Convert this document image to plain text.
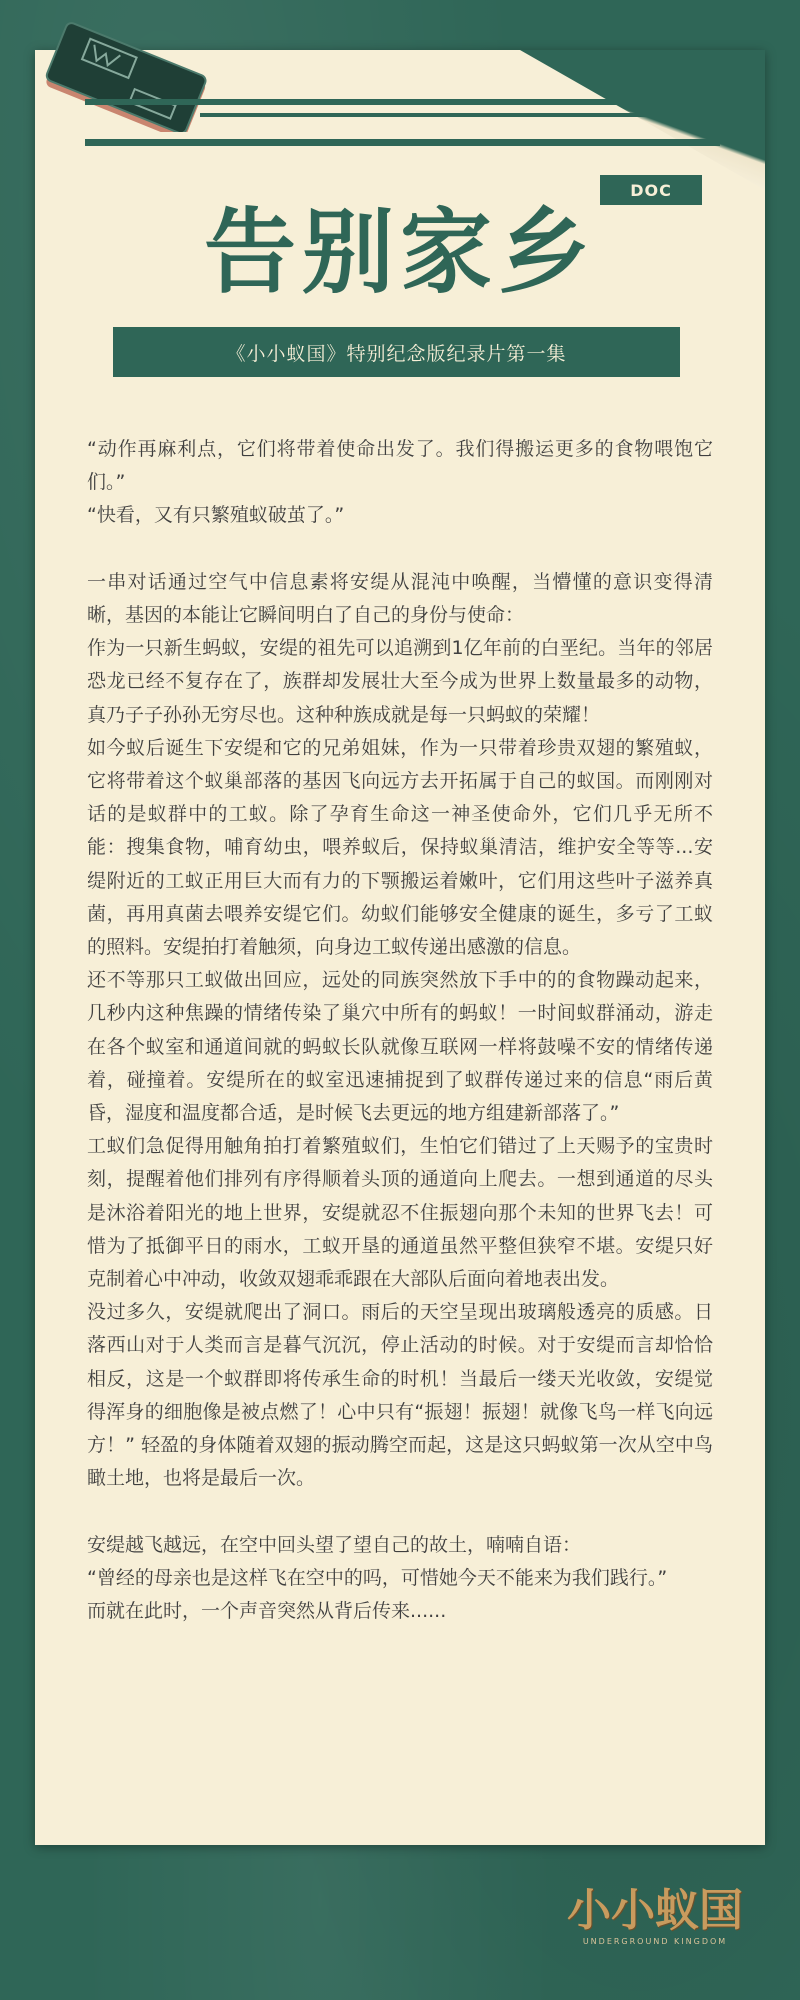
DOC
告别家乡
《小小蚁国》特别纪念版纪录片第一集

“动作再麻利点，它们将带着使命出发了。我们得搬运更多的食物喂饱它们。”

“快看，又有只繁殖蚁破茧了。”

一串对话通过空气中信息素将安缇从混沌中唤醒，当懵懂的意识变得清晰，基因的本能让它瞬间明白了自己的身份与使命：

作为一只新生蚂蚁，安缇的祖先可以追溯到1亿年前的白垩纪。当年的邻居恐龙已经不复存在了，族群却发展壮大至今成为世界上数量最多的动物，真乃子子孙孙无穷尽也。这种种族成就是每一只蚂蚁的荣耀！

如今蚁后诞生下安缇和它的兄弟姐妹，作为一只带着珍贵双翅的繁殖蚁，它将带着这个蚁巢部落的基因飞向远方去开拓属于自己的蚁国。而刚刚对话的是蚁群中的工蚁。除了孕育生命这一神圣使命外，它们几乎无所不能：搜集食物，哺育幼虫，喂养蚁后，保持蚁巢清洁，维护安全等等...安缇附近的工蚁正用巨大而有力的下颚搬运着嫩叶，它们用这些叶子滋养真菌，再用真菌去喂养安缇它们。幼蚁们能够安全健康的诞生，多亏了工蚁的照料。安缇拍打着触须，向身边工蚁传递出感激的信息。

还不等那只工蚁做出回应，远处的同族突然放下手中的的食物躁动起来，几秒内这种焦躁的情绪传染了巢穴中所有的蚂蚁！一时间蚁群涌动，游走在各个蚁室和通道间就的蚂蚁长队就像互联网一样将鼓噪不安的情绪传递着，碰撞着。安缇所在的蚁室迅速捕捉到了蚁群传递过来的信息“雨后黄昏，湿度和温度都合适，是时候飞去更远的地方组建新部落了。”

工蚁们急促得用触角拍打着繁殖蚁们，生怕它们错过了上天赐予的宝贵时刻，提醒着他们排列有序得顺着头顶的通道向上爬去。一想到通道的尽头是沐浴着阳光的地上世界，安缇就忍不住振翅向那个未知的世界飞去！可惜为了抵御平日的雨水，工蚁开垦的通道虽然平整但狭窄不堪。安缇只好克制着心中冲动，收敛双翅乖乖跟在大部队后面向着地表出发。

没过多久，安缇就爬出了洞口。雨后的天空呈现出玻璃般透亮的质感。日落西山对于人类而言是暮气沉沉，停止活动的时候。对于安缇而言却恰恰相反，这是一个蚁群即将传承生命的时机！当最后一缕天光收敛，安缇觉得浑身的细胞像是被点燃了！心中只有“振翅！振翅！就像飞鸟一样飞向远方！” 轻盈的身体随着双翅的振动腾空而起，这是这只蚂蚁第一次从空中鸟瞰土地，也将是最后一次。

安缇越飞越远，在空中回头望了望自己的故土，喃喃自语：

“曾经的母亲也是这样飞在空中的吗，可惜她今天不能来为我们践行。”

而就在此时，一个声音突然从背后传来......

小小蚁国
UNDERGROUND KINGDOM
